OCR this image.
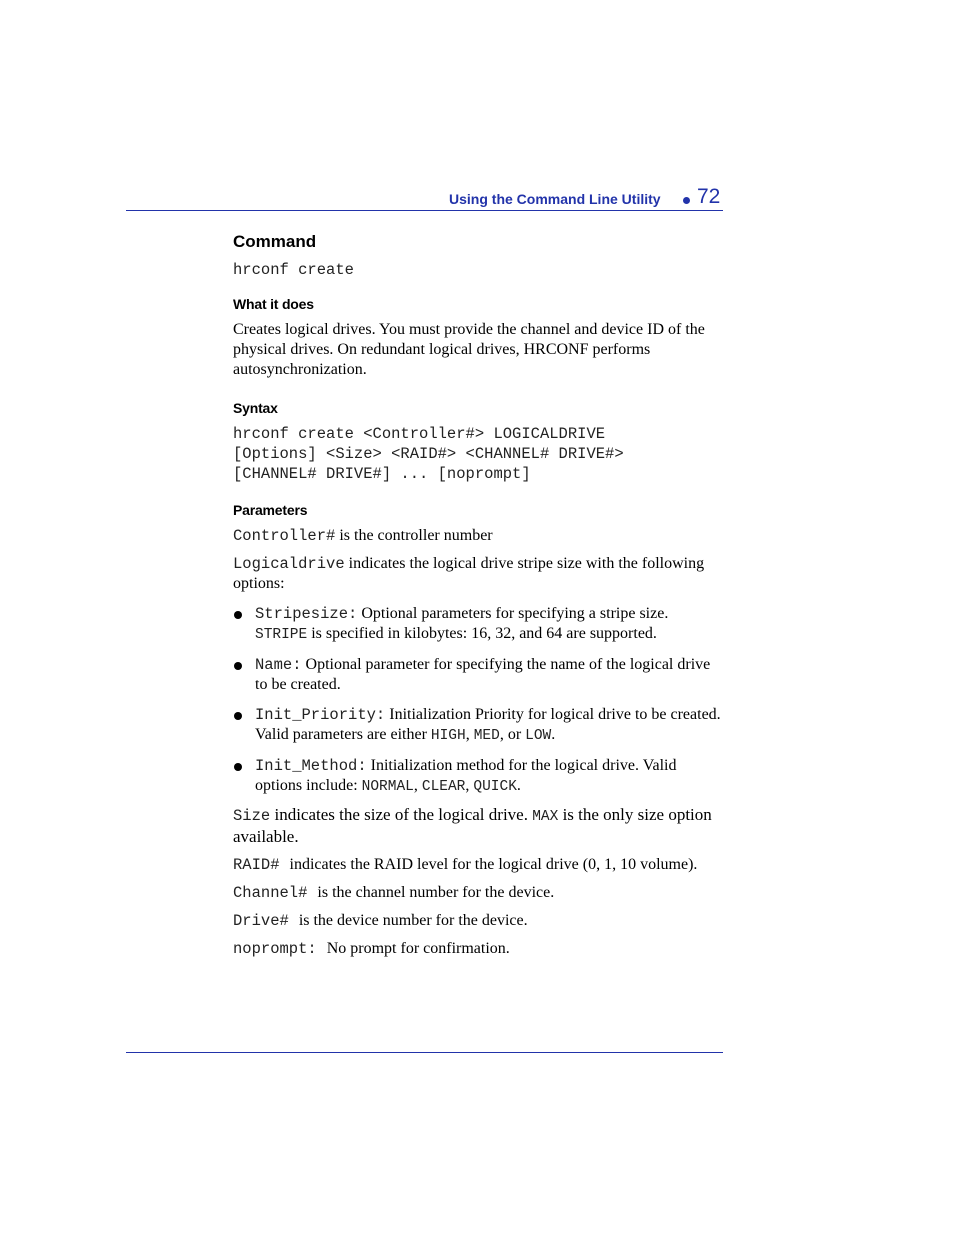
Using the Command Line Utility 72
Command
hrconf create
What it does

Creates logical drives. You must provide the channel and device ID of the physical drives. On redundant logical drives, HRCONF performs autosynchronization.

Syntax
hrconf create <Controller#> LOGICALDRIVE
[Options] <Size> <RAID#> <CHANNEL# DRIVE#>
[CHANNEL# DRIVE#] ... [noprompt]
Parameters

Controller# is the controller number

Logicaldrive indicates the logical drive stripe size with the following options:

Stripesize: Optional parameters for specifying a stripe size. STRIPE is specified in kilobytes: 16, 32, and 64 are supported.
Name: Optional parameter for specifying the name of the logical drive to be created.
Init_Priority: Initialization Priority for logical drive to be created. Valid parameters are either HIGH, MED, or LOW.
Init_Method: Initialization method for the logical drive. Valid options include: NORMAL, CLEAR, QUICK.

Size indicates the size of the logical drive. MAX is the only size option available.

RAID# indicates the RAID level for the logical drive (0, 1, 10 volume).

Channel# is the channel number for the device.

Drive# is the device number for the device.

noprompt: No prompt for confirmation.
